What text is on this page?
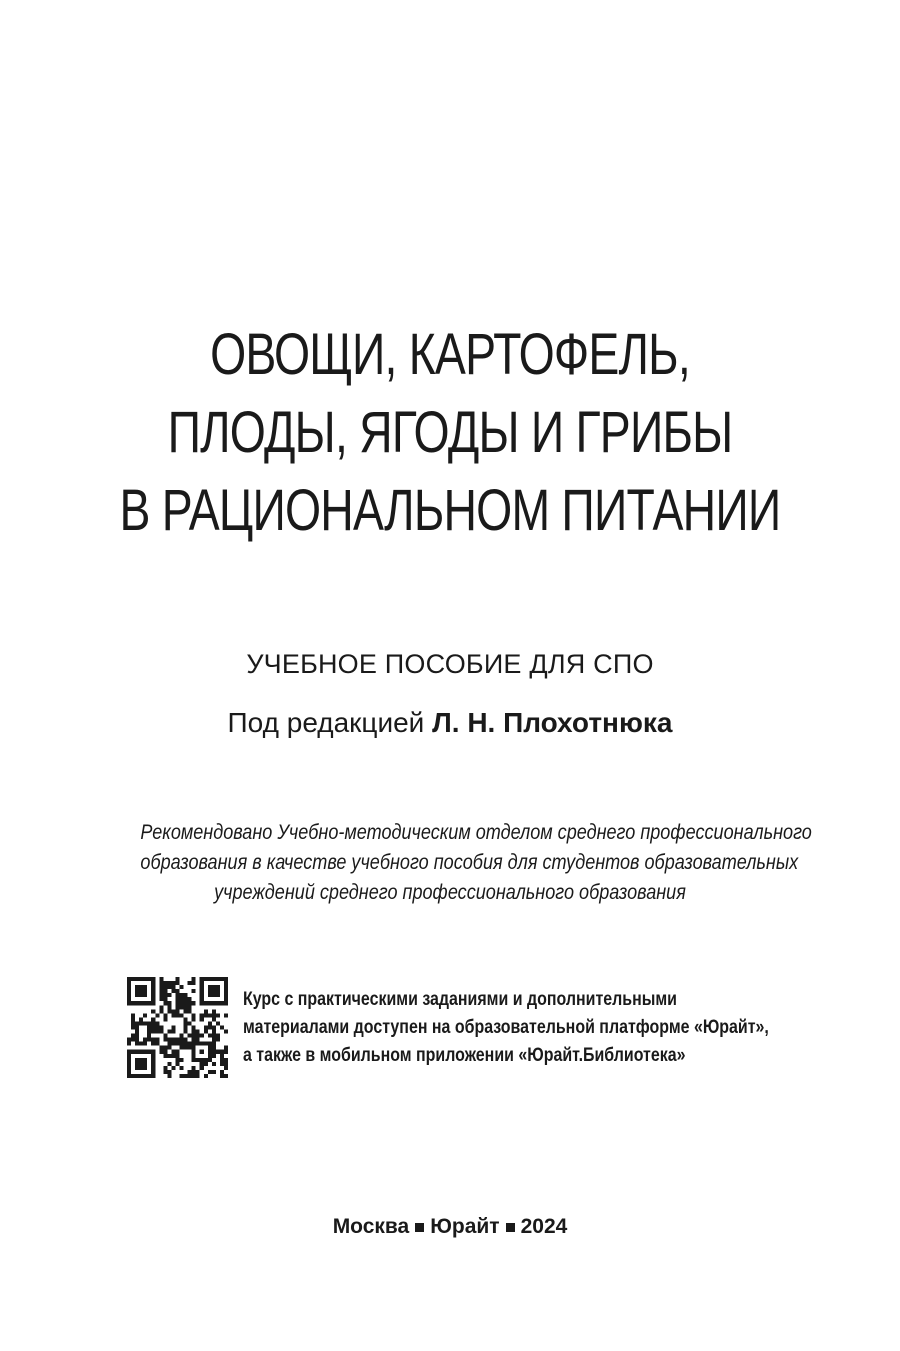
ОВОЩИ, КАРТОФЕЛЬ,
ПЛОДЫ, ЯГОДЫ И ГРИБЫ
В РАЦИОНАЛЬНОМ ПИТАНИИ
УЧЕБНОЕ ПОСОБИЕ ДЛЯ СПО
Под редакцией Л. Н. Плохотнюка
Рекомендовано Учебно-методическим отделом среднего профессионального
образования в качестве учебного пособия для студентов образовательных
учреждений среднего профессионального образования
Курс с практическими заданиями и дополнительными
материалами доступен на образовательной платформе «Юрайт»,
а также в мобильном приложении «Юрайт.Библиотека»
Москва Юрайт 2024
